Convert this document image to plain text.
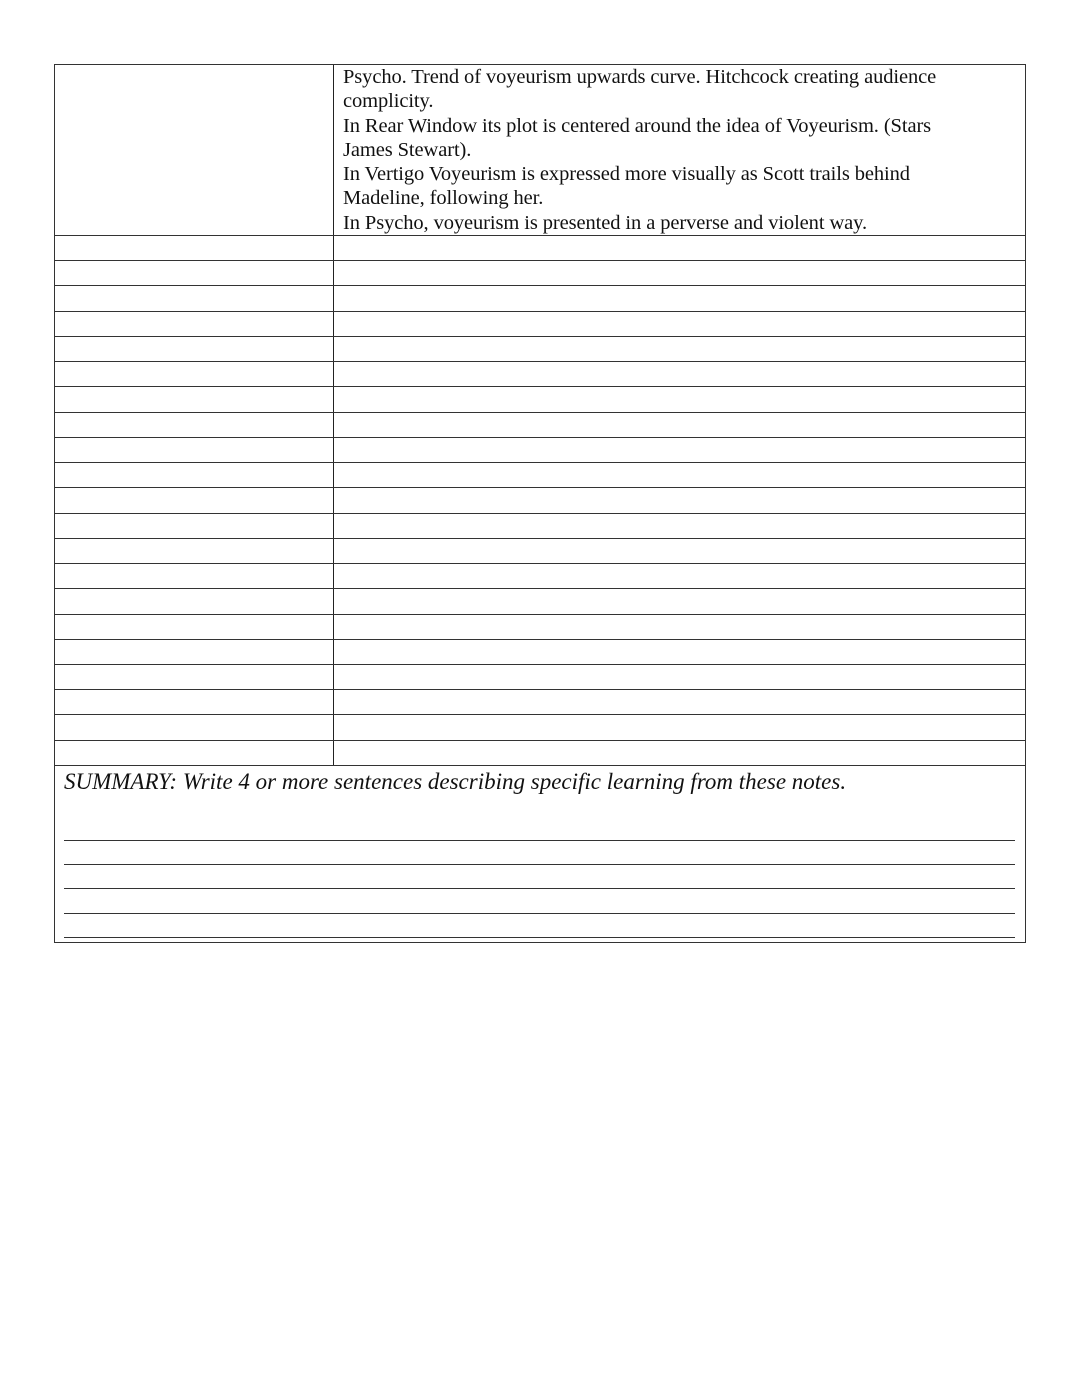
Psycho. Trend of voyeurism upwards curve. Hitchcock creating audience
complicity.
In Rear Window its plot is centered around the idea of Voyeurism. (Stars
James Stewart).
In Vertigo Voyeurism is expressed more visually as Scott trails behind
Madeline, following her.
In Psycho, voyeurism is presented in a perverse and violent way.
SUMMARY: Write 4 or more sentences describing specific learning from these notes.
